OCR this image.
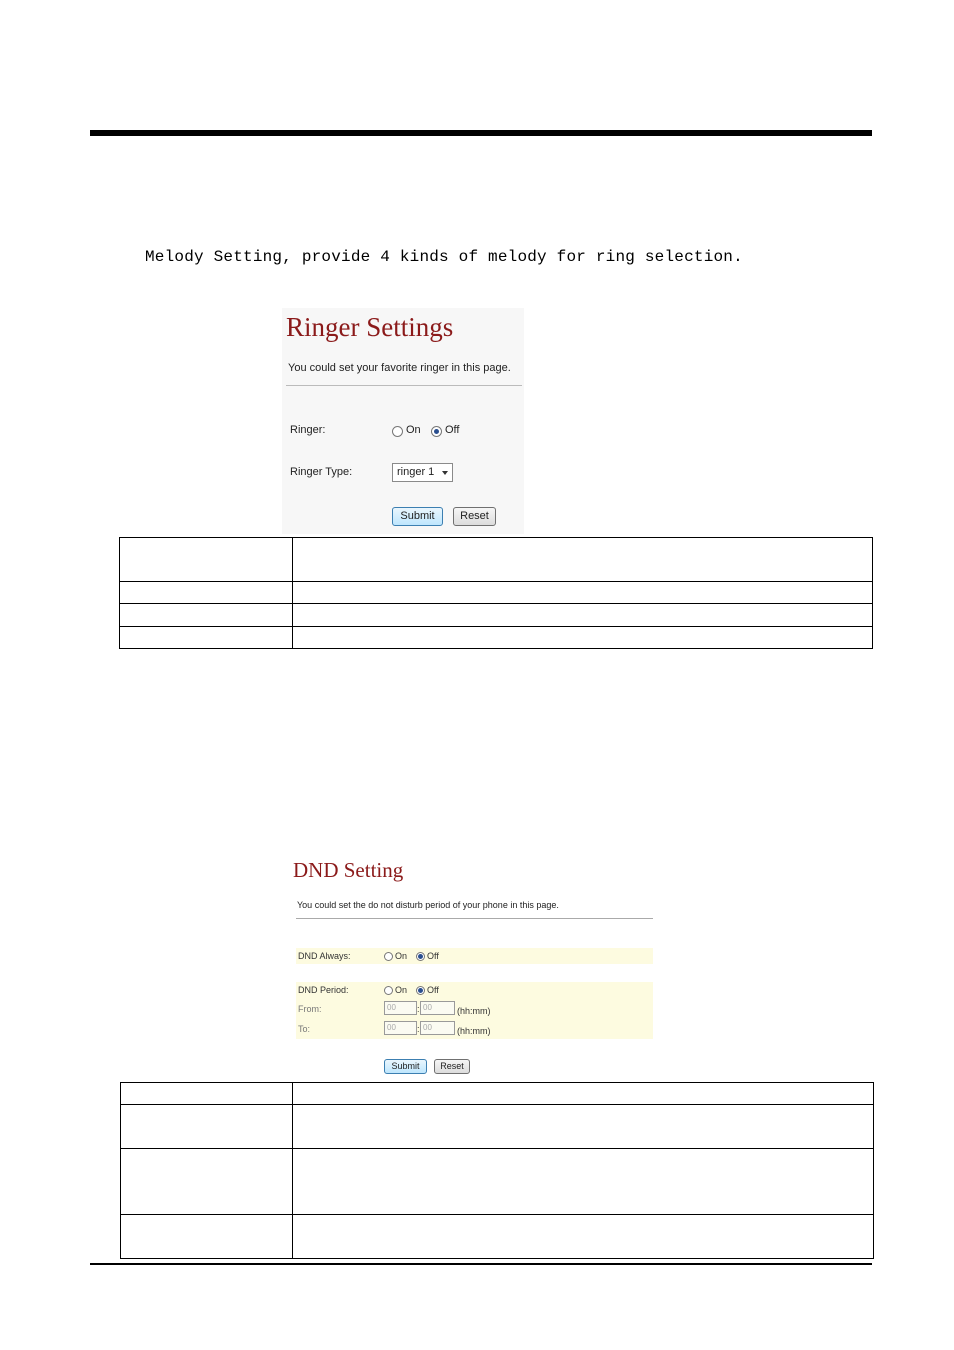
Melody Setting, provide 4 kinds of melody for ring selection.
Ringer Settings
You could set your favorite ringer in this page.
Ringer:	On Off
Ringer Type:	ringer 1
Submit	Reset

DND Setting
You could set the do not disturb period of your phone in this page.
DND Always:	On Off
DND Period:	On Off
From:	00	: 00	(hh:mm)
To:	00	: 00	(hh:mm)
Submit	Reset
